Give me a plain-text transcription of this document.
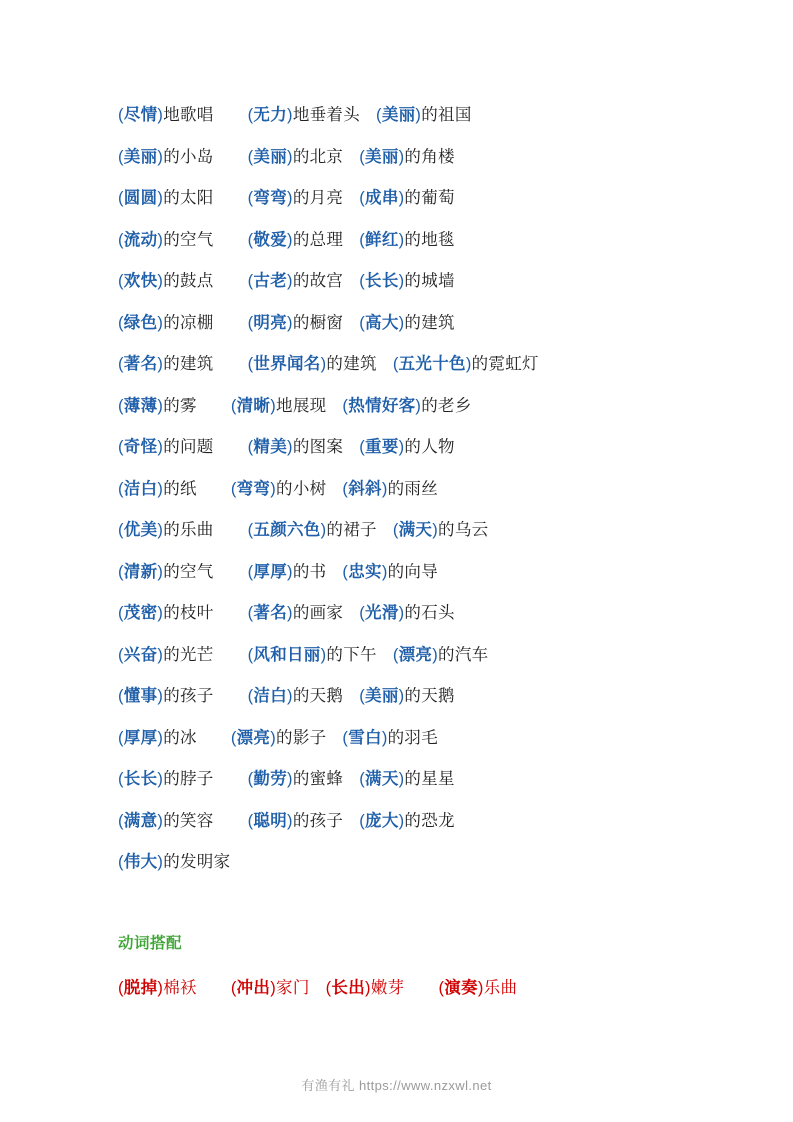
(尽情)地歌唱 (无力)地垂着头 (美丽)的祖国
(美丽)的小岛 (美丽)的北京 (美丽)的角楼
(圆圆)的太阳 (弯弯)的月亮 (成串)的葡萄
(流动)的空气 (敬爱)的总理 (鲜红)的地毯
(欢快)的鼓点 (古老)的故宫 (长长)的城墙
(绿色)的凉棚 (明亮)的橱窗 (高大)的建筑
(著名)的建筑 (世界闻名)的建筑 (五光十色)的霓虹灯
(薄薄)的雾 (清晰)地展现 (热情好客)的老乡
(奇怪)的问题 (精美)的图案 (重要)的人物
(洁白)的纸 (弯弯)的小树 (斜斜)的雨丝
(优美)的乐曲 (五颜六色)的裙子 (满天)的乌云
(清新)的空气 (厚厚)的书 (忠实)的向导
(茂密)的枝叶 (著名)的画家 (光滑)的石头
(兴奋)的光芒 (风和日丽)的下午 (漂亮)的汽车
(懂事)的孩子 (洁白)的天鹅 (美丽)的天鹅
(厚厚)的冰 (漂亮)的影子 (雪白)的羽毛
(长长)的脖子 (勤劳)的蜜蜂 (满天)的星星
(满意)的笑容 (聪明)的孩子 (庞大)的恐龙
(伟大)的发明家
动词搭配
(脱掉)棉袄 (冲出)家门 (长出)嫩芽 (演奏)乐曲
有渔有礼 https://www.nzxwl.net
